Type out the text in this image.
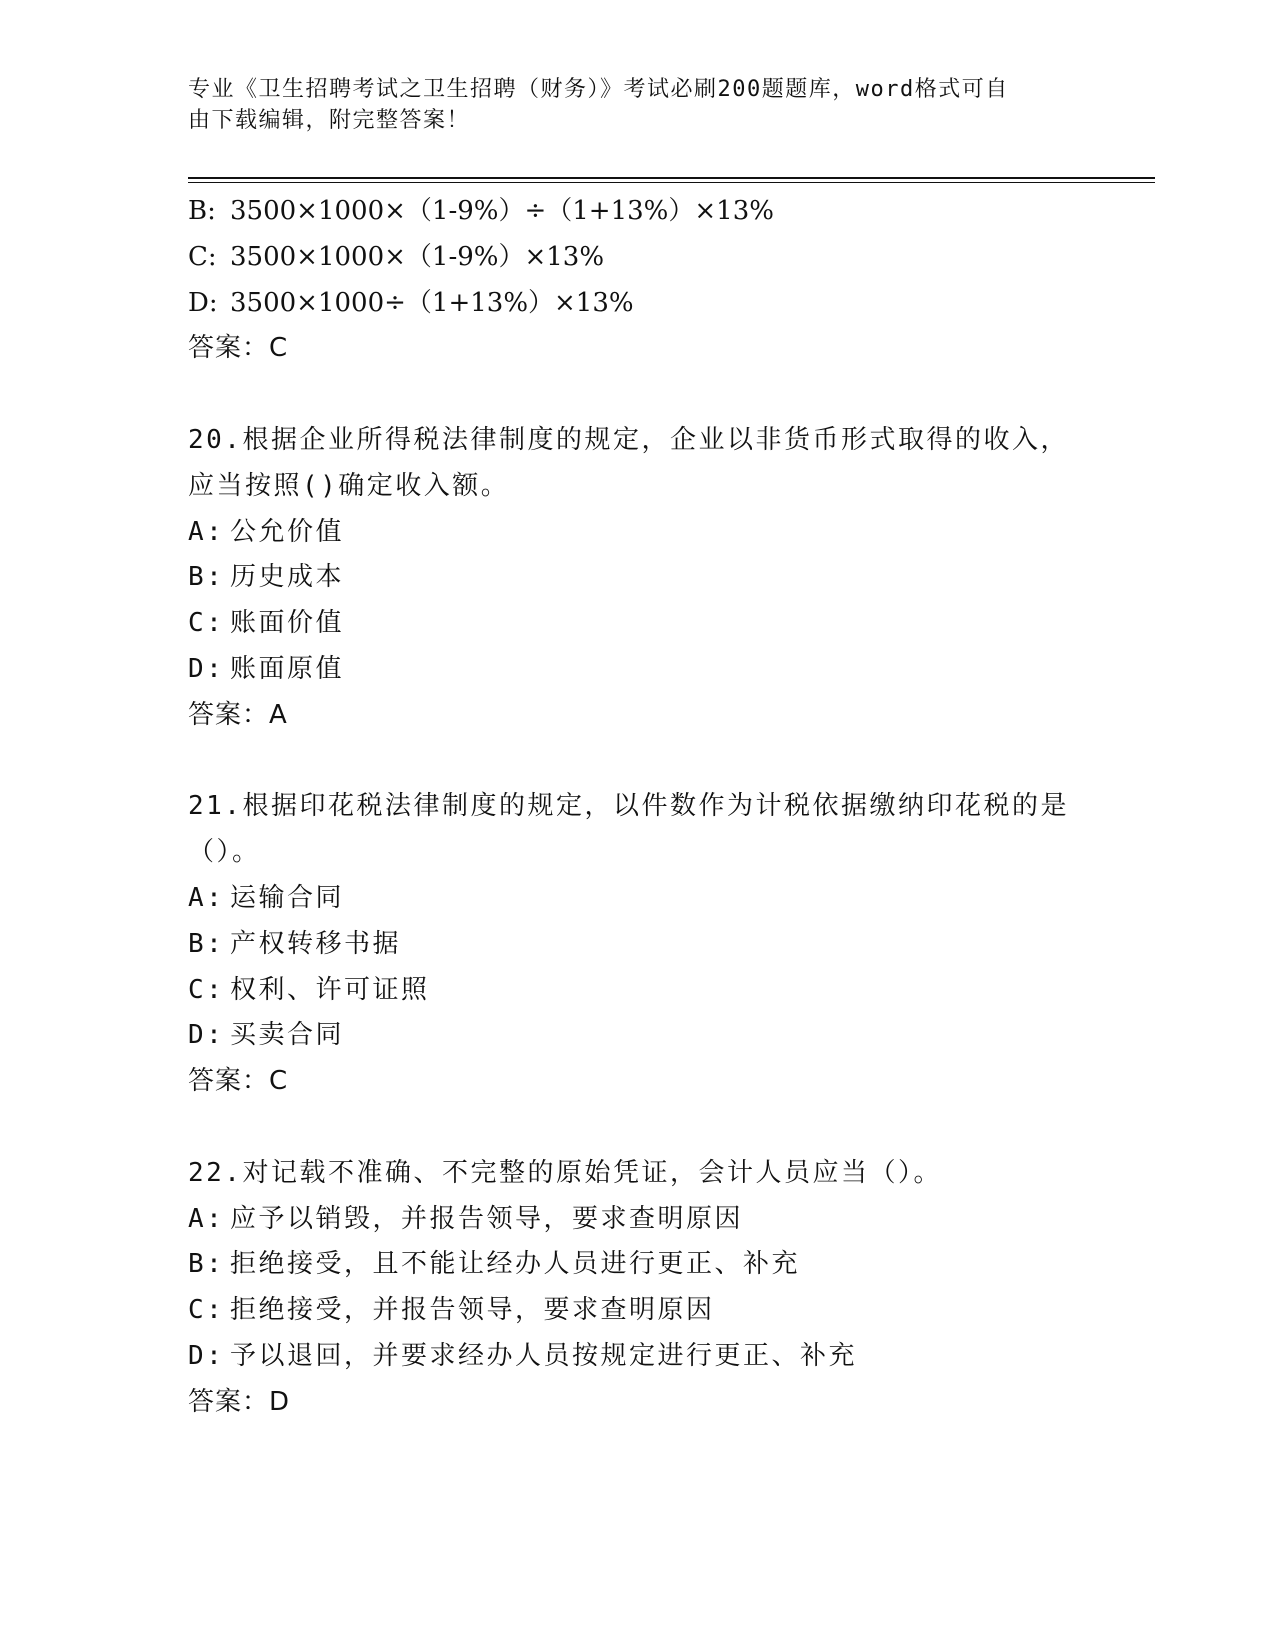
专业《卫生招聘考试之卫生招聘（财务）》考试必刷200题题库，word格式可自
由下载编辑，附完整答案！
B: 3500×1000×（1-9%）÷（1+13%）×13%
C: 3500×1000×（1-9%）×13%
D: 3500×1000÷（1+13%）×13%
答案：C
20.根据企业所得税法律制度的规定，企业以非货币形式取得的收入，
应当按照()确定收入额。
A: 公允价值
B: 历史成本
C: 账面价值
D: 账面原值
答案：A
21.根据印花税法律制度的规定，以件数作为计税依据缴纳印花税的是
（）。
A: 运输合同
B: 产权转移书据
C: 权利、许可证照
D: 买卖合同
答案：C
22.对记载不准确、不完整的原始凭证，会计人员应当（）。
A: 应予以销毁，并报告领导，要求查明原因
B: 拒绝接受，且不能让经办人员进行更正、补充
C: 拒绝接受，并报告领导，要求查明原因
D: 予以退回，并要求经办人员按规定进行更正、补充
答案：D
